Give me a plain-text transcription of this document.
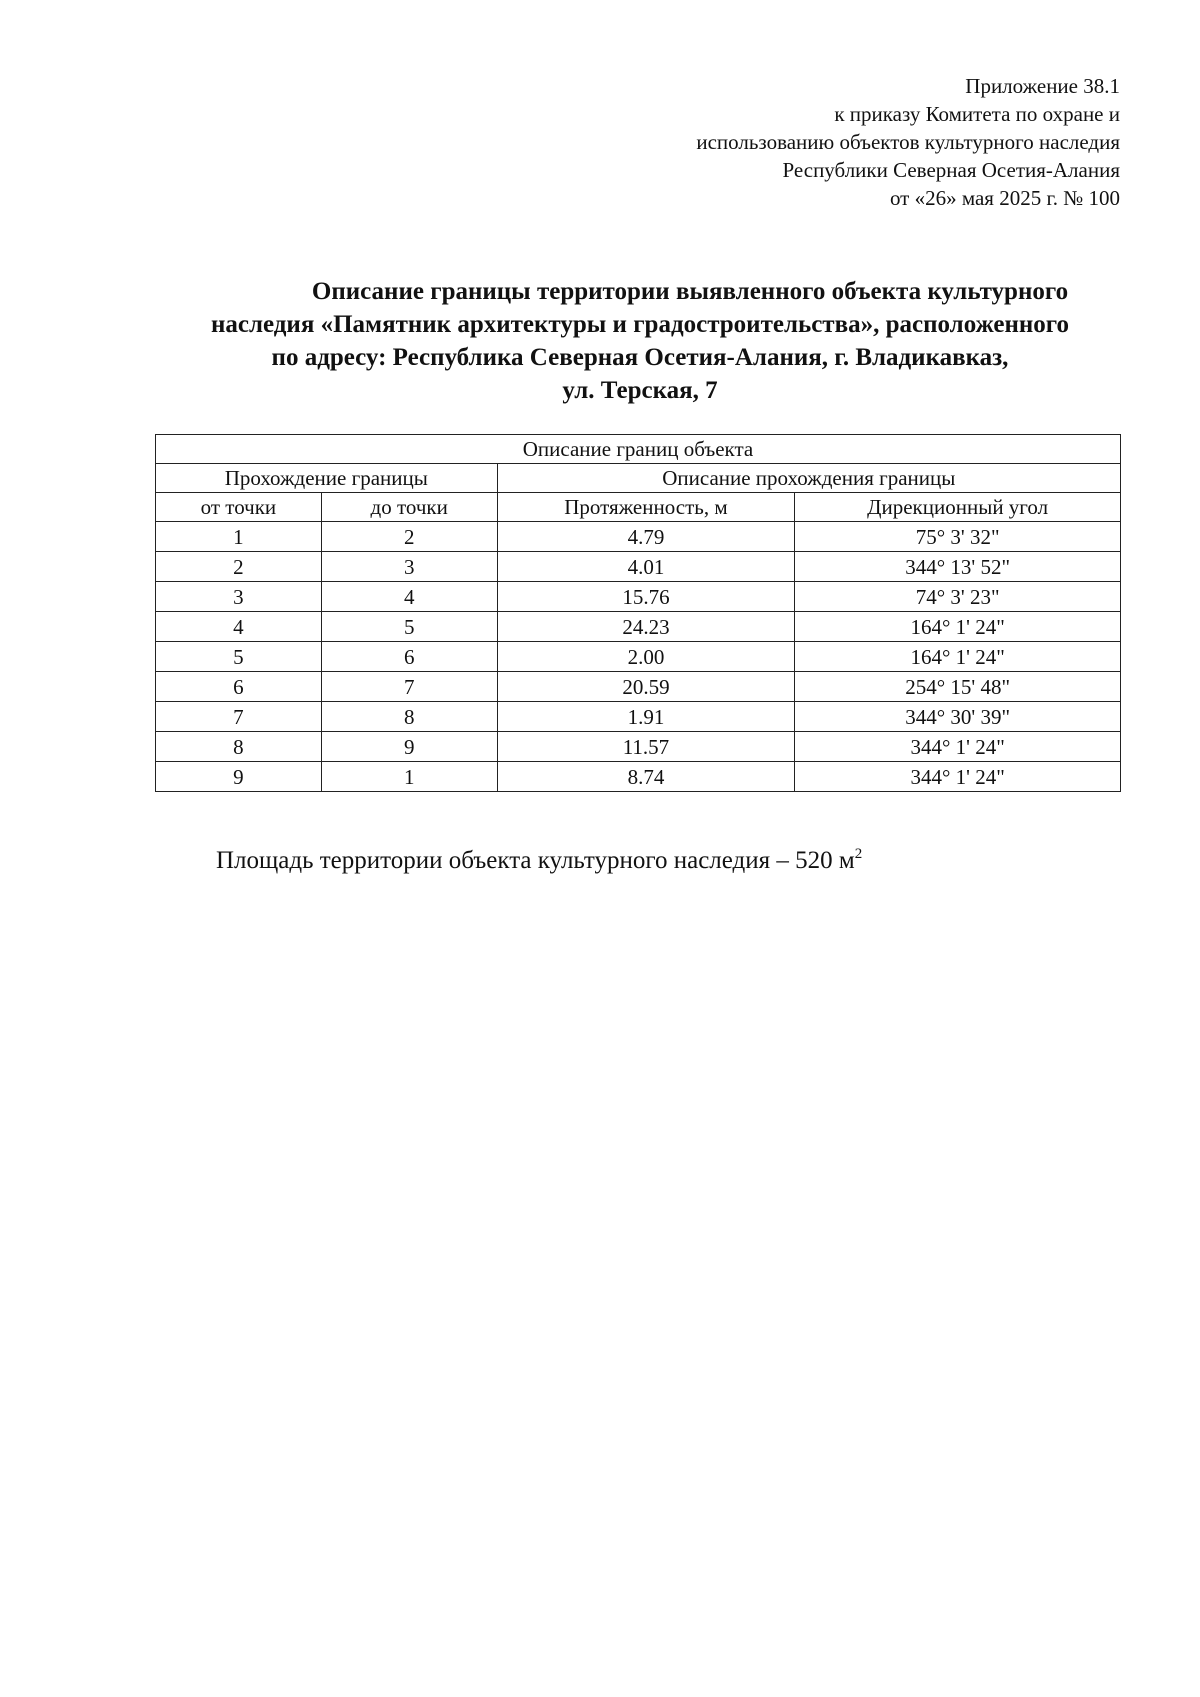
Приложение 38.1
к приказу Комитета по охране и
использованию объектов культурного наследия
Республики Северная Осетия-Алания
от «26» мая 2025 г. № 100
Описание границы территории выявленного объекта культурного
наследия «Памятник архитектуры и градостроительства», расположенного
по адресу: Республика Северная Осетия-Алания, г. Владикавказ,
ул. Терская, 7
Описание границ объекта			
Прохождение границы		Описание прохождения границы	
от точки	до точки	Протяженность, м	Дирекционный угол
1	2	4.79	75° 3' 32"
2	3	4.01	344° 13' 52"
3	4	15.76	74° 3' 23"
4	5	24.23	164° 1' 24"
5	6	2.00	164° 1' 24"
6	7	20.59	254° 15' 48"
7	8	1.91	344° 30' 39"
8	9	11.57	344° 1' 24"
9	1	8.74	344° 1' 24"
Площадь территории объекта культурного наследия – 520 $м^2$
